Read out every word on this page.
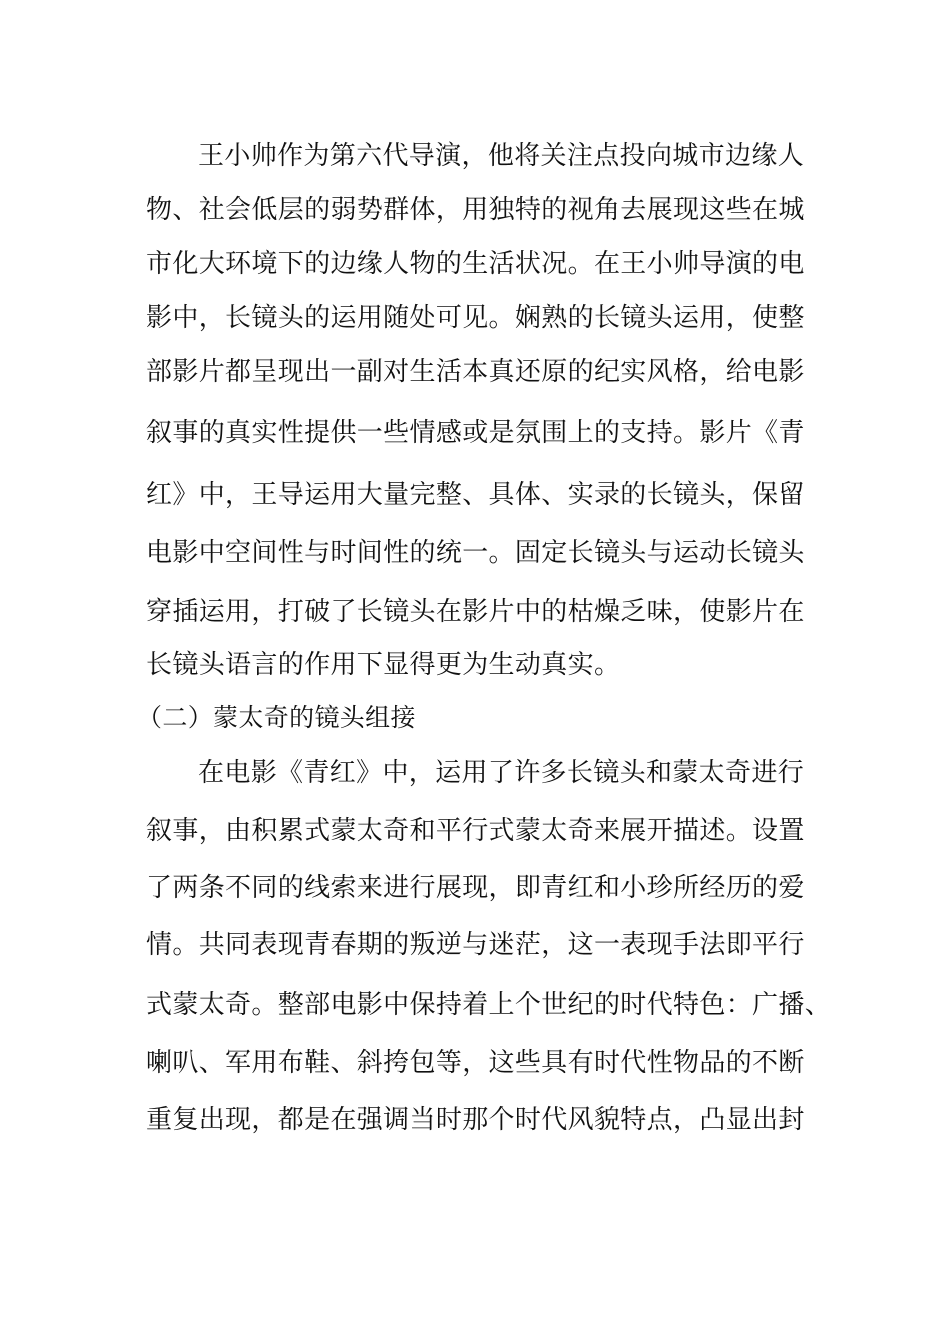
王小帅作为第六代导演，他将关注点投向城市边缘人
物、社会低层的弱势群体，用独特的视角去展现这些在城
市化大环境下的边缘人物的生活状况。在王小帅导演的电
影中，长镜头的运用随处可见。娴熟的长镜头运用，使整
部影片都呈现出一副对生活本真还原的纪实风格，给电影
叙事的真实性提供一些情感或是氛围上的支持。影片《青
红》中，王导运用大量完整、具体、实录的长镜头，保留
电影中空间性与时间性的统一。固定长镜头与运动长镜头
穿插运用，打破了长镜头在影片中的枯燥乏味，使影片在
长镜头语言的作用下显得更为生动真实。
（二）蒙太奇的镜头组接
在电影《青红》中，运用了许多长镜头和蒙太奇进行
叙事，由积累式蒙太奇和平行式蒙太奇来展开描述。设置
了两条不同的线索来进行展现，即青红和小珍所经历的爱
情。共同表现青春期的叛逆与迷茫，这一表现手法即平行
式蒙太奇。整部电影中保持着上个世纪的时代特色：广播、
喇叭、军用布鞋、斜挎包等，这些具有时代性物品的不断
重复出现，都是在强调当时那个时代风貌特点，凸显出封
